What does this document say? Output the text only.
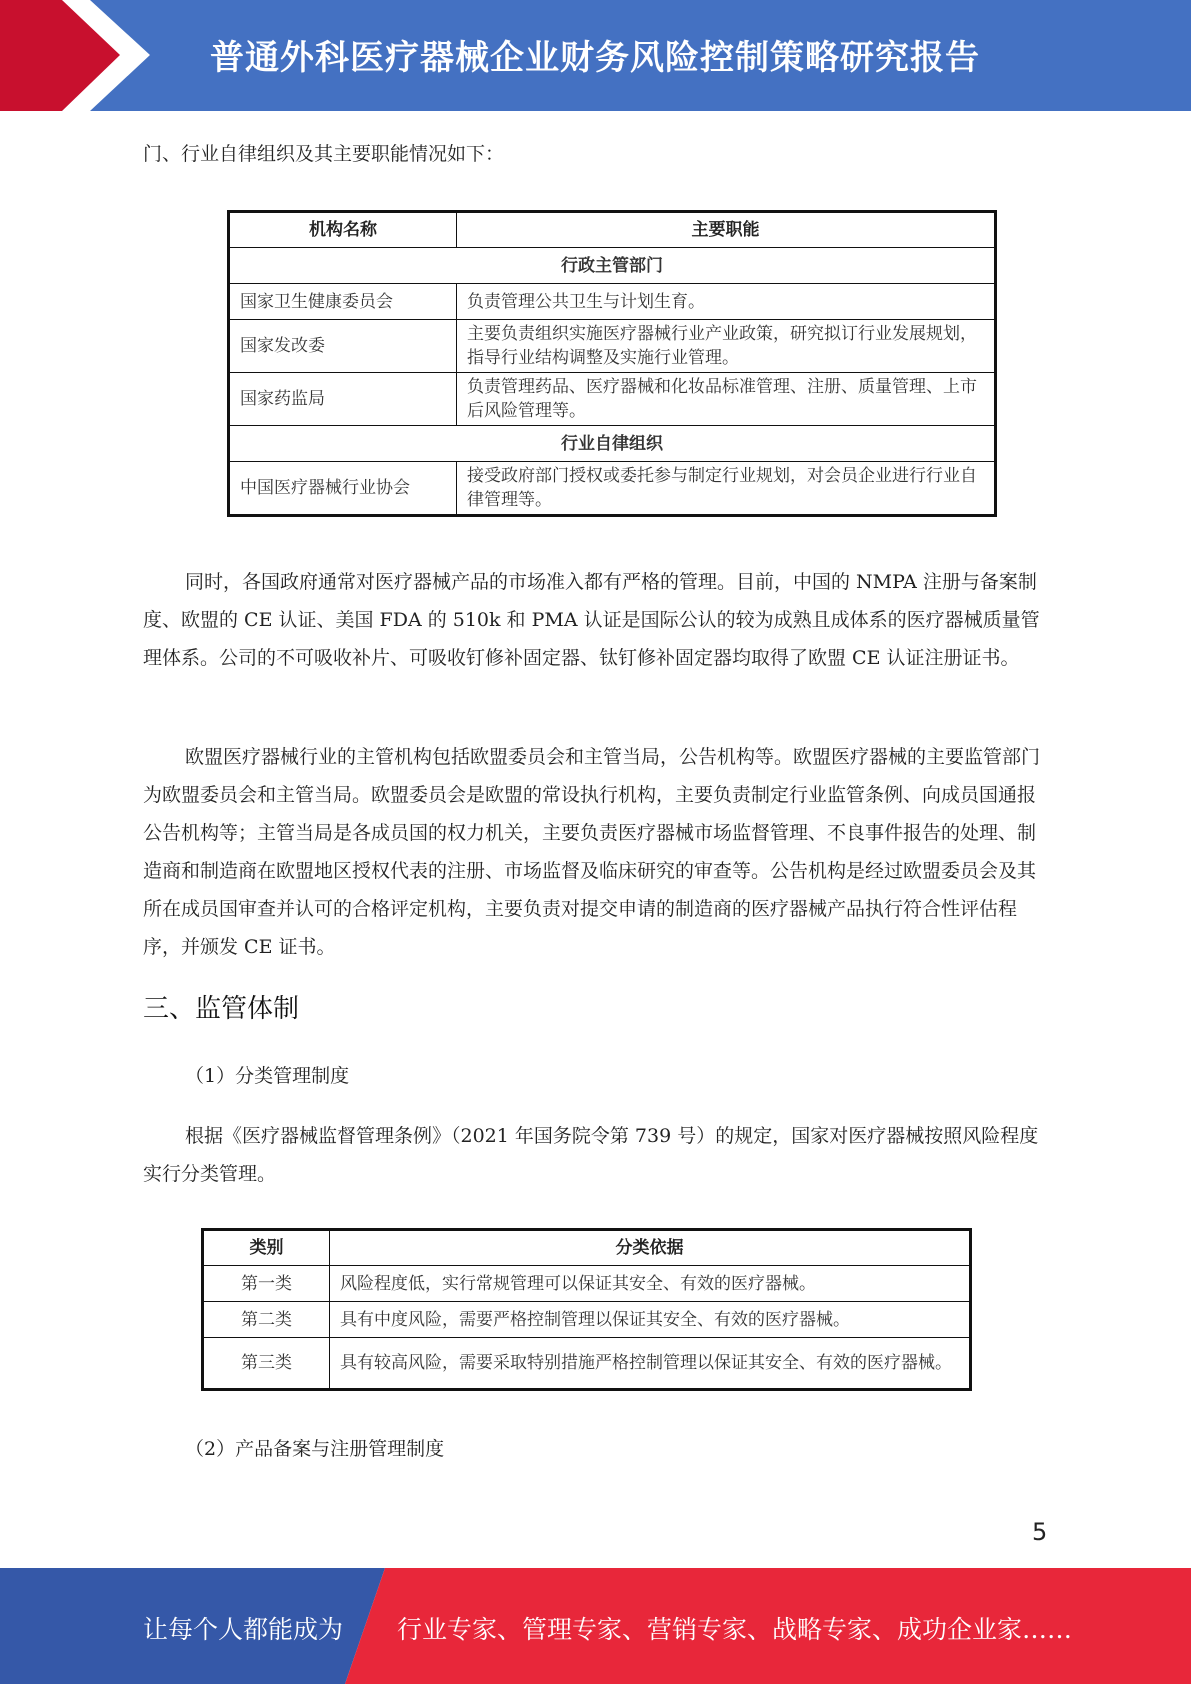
普通外科医疗器械企业财务风险控制策略研究报告
门、行业自律组织及其主要职能情况如下：
机构名称	主要职能
行政主管部门	
国家卫生健康委员会	负责管理公共卫生与计划生育。
国家发改委	主要负责组织实施医疗器械行业产业政策，研究拟订行业发展规划，指导行业结构调整及实施行业管理。
国家药监局	负责管理药品、医疗器械和化妆品标准管理、注册、质量管理、上市后风险管理等。
行业自律组织	
中国医疗器械行业协会	接受政府部门授权或委托参与制定行业规划，对会员企业进行行业自律管理等。
同时，各国政府通常对医疗器械产品的市场准入都有严格的管理。目前，中国的 NMPA 注册与备案制度、欧盟的 CE 认证、美国 FDA 的 510k 和 PMA 认证是国际公认的较为成熟且成体系的医疗器械质量管理体系。公司的不可吸收补片、可吸收钉修补固定器、钛钉修补固定器均取得了欧盟 CE 认证注册证书。
欧盟医疗器械行业的主管机构包括欧盟委员会和主管当局，公告机构等。欧盟医疗器械的主要监管部门为欧盟委员会和主管当局。欧盟委员会是欧盟的常设执行机构，主要负责制定行业监管条例、向成员国通报公告机构等；主管当局是各成员国的权力机关，主要负责医疗器械市场监督管理、不良事件报告的处理、制造商和制造商在欧盟地区授权代表的注册、市场监督及临床研究的审查等。公告机构是经过欧盟委员会及其所在成员国审查并认可的合格评定机构，主要负责对提交申请的制造商的医疗器械产品执行符合性评估程序，并颁发 CE 证书。
三、监管体制
（1）分类管理制度
根据《医疗器械监督管理条例》（2021 年国务院令第 739 号）的规定，国家对医疗器械按照风险程度实行分类管理。
类别	分类依据
第一类	风险程度低，实行常规管理可以保证其安全、有效的医疗器械。
第二类	具有中度风险，需要严格控制管理以保证其安全、有效的医疗器械。
第三类	具有较高风险，需要采取特别措施严格控制管理以保证其安全、有效的医疗器械。
（2）产品备案与注册管理制度
5
让每个人都能成为 行业专家、管理专家、营销专家、战略专家、成功企业家……
